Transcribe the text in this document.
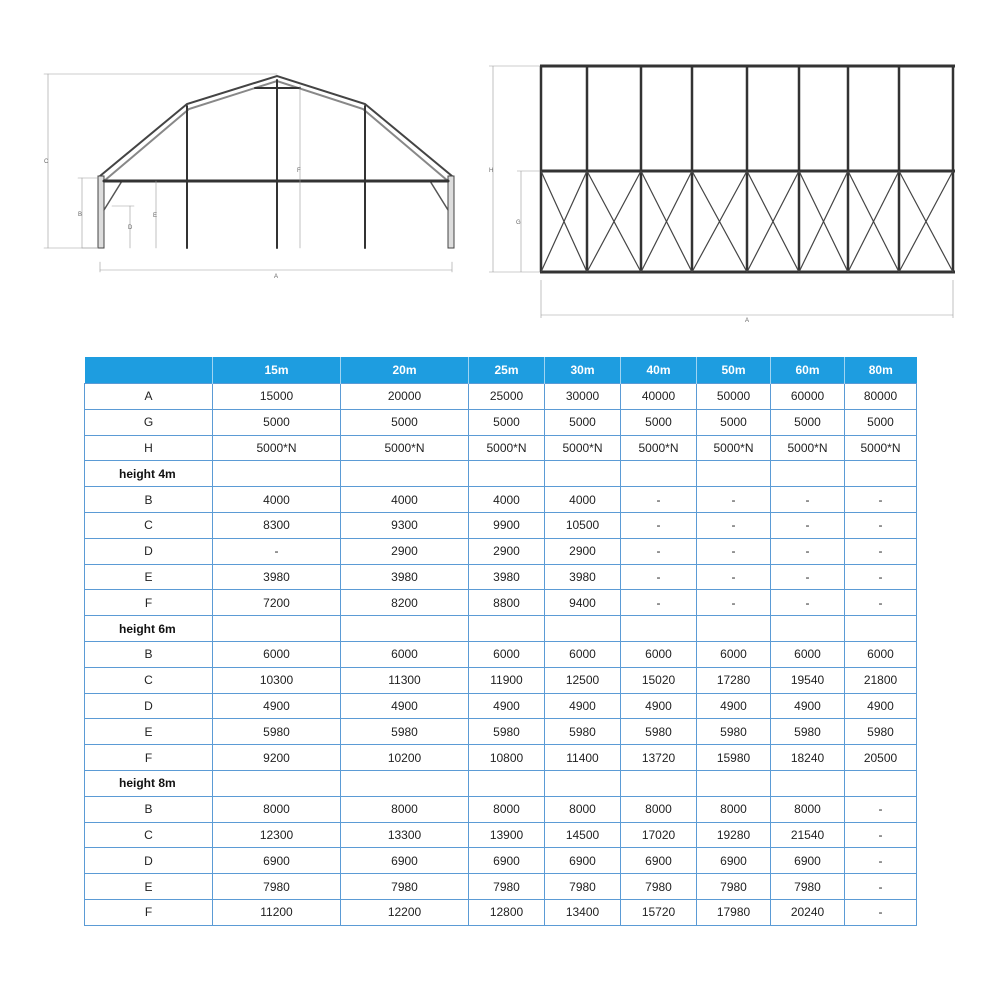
C
B
D
E
F
A
H
G
A
	15m	20m	25m	30m	40m	50m	60m	80m
A	15000	20000	25000	30000	40000	50000	60000	80000
G	5000	5000	5000	5000	5000	5000	5000	5000
H	5000*N	5000*N	5000*N	5000*N	5000*N	5000*N	5000*N	5000*N
height 4m								
B	4000	4000	4000	4000	-	-	-	-
C	8300	9300	9900	10500	-	-	-	-
D	-	2900	2900	2900	-	-	-	-
E	3980	3980	3980	3980	-	-	-	-
F	7200	8200	8800	9400	-	-	-	-
height 6m								
B	6000	6000	6000	6000	6000	6000	6000	6000
C	10300	11300	11900	12500	15020	17280	19540	21800
D	4900	4900	4900	4900	4900	4900	4900	4900
E	5980	5980	5980	5980	5980	5980	5980	5980
F	9200	10200	10800	11400	13720	15980	18240	20500
height 8m								
B	8000	8000	8000	8000	8000	8000	8000	-
C	12300	13300	13900	14500	17020	19280	21540	-
D	6900	6900	6900	6900	6900	6900	6900	-
E	7980	7980	7980	7980	7980	7980	7980	-
F	11200	12200	12800	13400	15720	17980	20240	-
